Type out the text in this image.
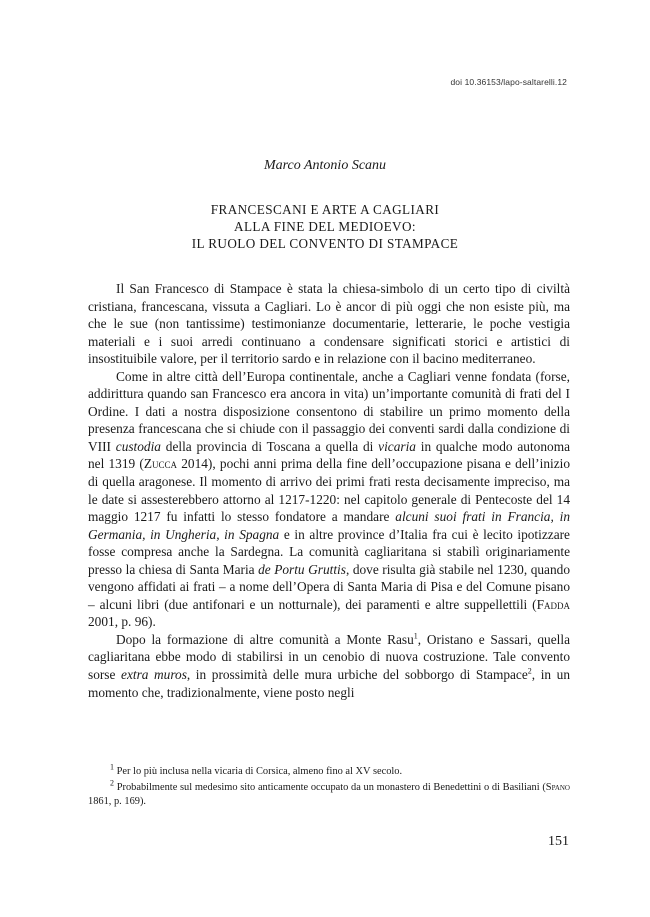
doi 10.36153/lapo-saltarelli.12
Marco Antonio Scanu
FRANCESCANI E ARTE A CAGLIARI
ALLA FINE DEL MEDIOEVO:
IL RUOLO DEL CONVENTO DI STAMPACE

Il San Francesco di Stampace è stata la chiesa-simbolo di un certo tipo di civiltà cristiana, francescana, vissuta a Cagliari. Lo è ancor di più oggi che non esiste più, ma che le sue (non tantissime) testimonianze documentarie, letterarie, le poche vestigia materiali e i suoi arredi continuano a condensare significati storici e artistici di insostituibile valore, per il territorio sardo e in relazione con il bacino mediterraneo.

Come in altre città dell’Europa continentale, anche a Cagliari venne fondata (forse, addirittura quando san Francesco era ancora in vita) un’importante comunità di frati del I Ordine. I dati a nostra disposizione consentono di stabilire un primo momento della presenza francescana che si chiude con il passaggio dei conventi sardi dalla condizione di VIII custodia della provincia di Toscana a quella di vicaria in qualche modo autonoma nel 1319 (Zucca 2014), pochi anni prima della fine dell’occupazione pisana e dell’inizio di quella aragonese. Il momento di arrivo dei primi frati resta decisamente impreciso, ma le date si assesterebbero attorno al 1217-1220: nel capitolo generale di Pentecoste del 14 maggio 1217 fu infatti lo stesso fondatore a mandare alcuni suoi frati in Francia, in Germania, in Ungheria, in Spagna e in altre province d’Italia fra cui è lecito ipotizzare fosse compresa anche la Sardegna. La comunità cagliaritana si stabilì originariamente presso la chiesa di Santa Maria de Portu Gruttis, dove risulta già stabile nel 1230, quando vengono affidati ai frati – a nome dell’Opera di Santa Maria di Pisa e del Comune pisano – alcuni libri (due antifonari e un notturnale), dei paramenti e altre suppellettili (Fadda 2001, p. 96).

Dopo la formazione di altre comunità a Monte Rasu$^1$, Oristano e Sassari, quella cagliaritana ebbe modo di stabilirsi in un cenobio di nuova costruzione. Tale convento sorse extra muros, in prossimità delle mura urbiche del sobborgo di Stampace$^2$, in un momento che, tradizionalmente, viene posto negli

$^1$ Per lo più inclusa nella vicaria di Corsica, almeno fino al XV secolo.

$^2$ Probabilmente sul medesimo sito anticamente occupato da un monastero di Benedettini o di Basiliani (Spano 1861, p. 169).

151
